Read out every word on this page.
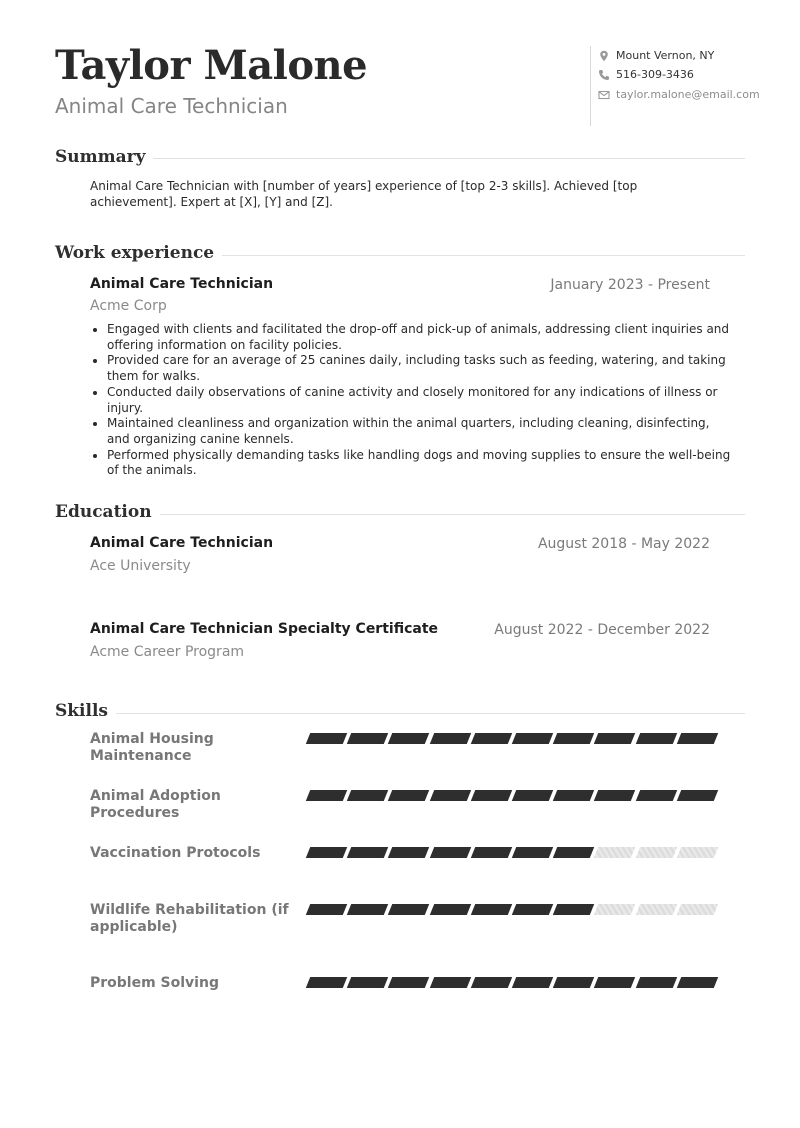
Taylor Malone
Animal Care Technician
Mount Vernon, NY
516-309-3436
taylor.malone@email.com
Summary
Animal Care Technician with [number of years] experience of [top 2-3 skills]. Achieved [top achievement]. Expert at [X], [Y] and [Z].
Work experience
Animal Care Technician	January 2023 - Present
Acme Corp
• Engaged with clients and facilitated the drop-off and pick-up of animals, addressing client inquiries and offering information on facility policies.
• Provided care for an average of 25 canines daily, including tasks such as feeding, watering, and taking them for walks.
• Conducted daily observations of canine activity and closely monitored for any indications of illness or injury.
• Maintained cleanliness and organization within the animal quarters, including cleaning, disinfecting, and organizing canine kennels.
• Performed physically demanding tasks like handling dogs and moving supplies to ensure the well-being of the animals.
Education
Animal Care Technician	August 2018 - May 2022
Ace University
Animal Care Technician Specialty Certificate	August 2022 - December 2022
Acme Career Program
Skills
Animal Housing Maintenance
Animal Adoption Procedures
Vaccination Protocols
Wildlife Rehabilitation (if applicable)
Problem Solving
